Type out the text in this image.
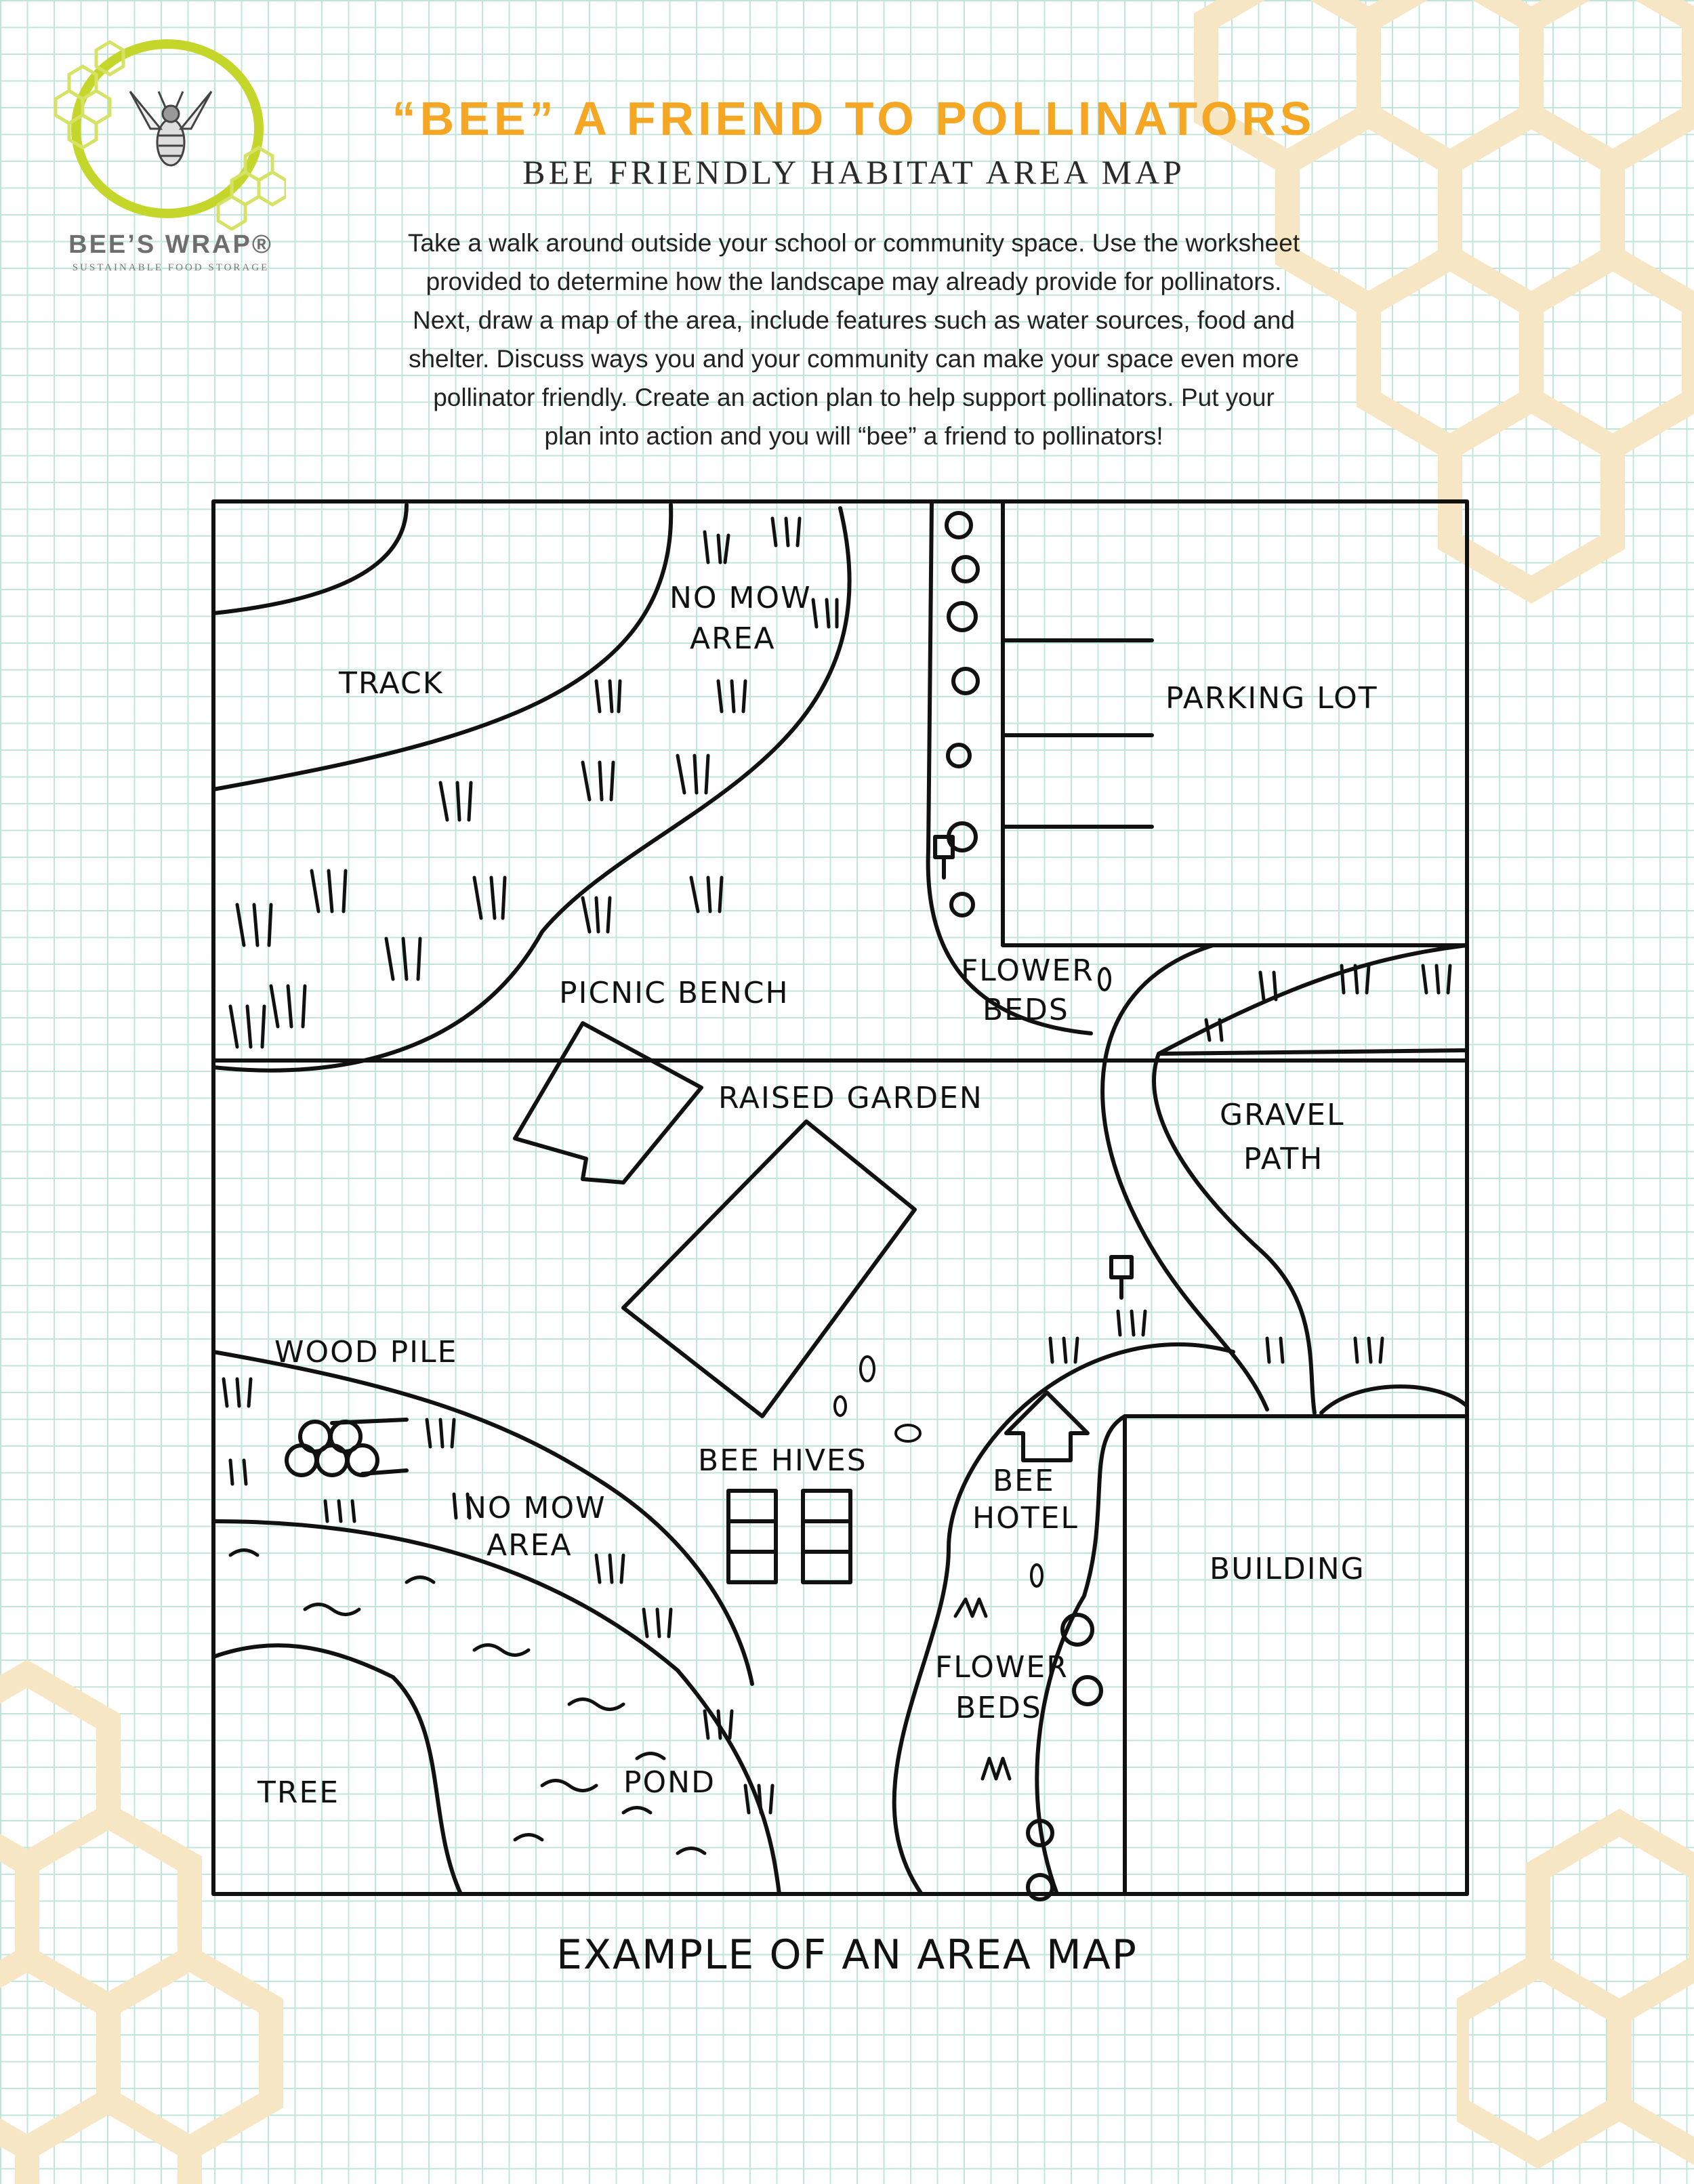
BEE’S WRAP®
SUSTAINABLE FOOD STORAGE
“BEE” A FRIEND TO POLLINATORS
BEE FRIENDLY HABITAT AREA MAP
Take a walk around outside your school or community space. Use the worksheet
provided to determine how the landscape may already provide for pollinators.
Next, draw a map of the area, include features such as water sources, food and
shelter. Discuss ways you and your community can make your space even more
pollinator friendly. Create an action plan to help support pollinators. Put your
plan into action and you will “bee” a friend to pollinators!
NO MOW
AREA
TRACK	PARKING LOT
PICNIC BENCH
FLOWER
BEDS
RAISED GARDEN	GRAVEL
PATH
WOOD PILE
BEE HIVES
BEE
HOTEL
NO MOW
AREA
BUILDING
FLOWER
BEDS
TREE	POND
EXAMPLE OF AN AREA MAP
